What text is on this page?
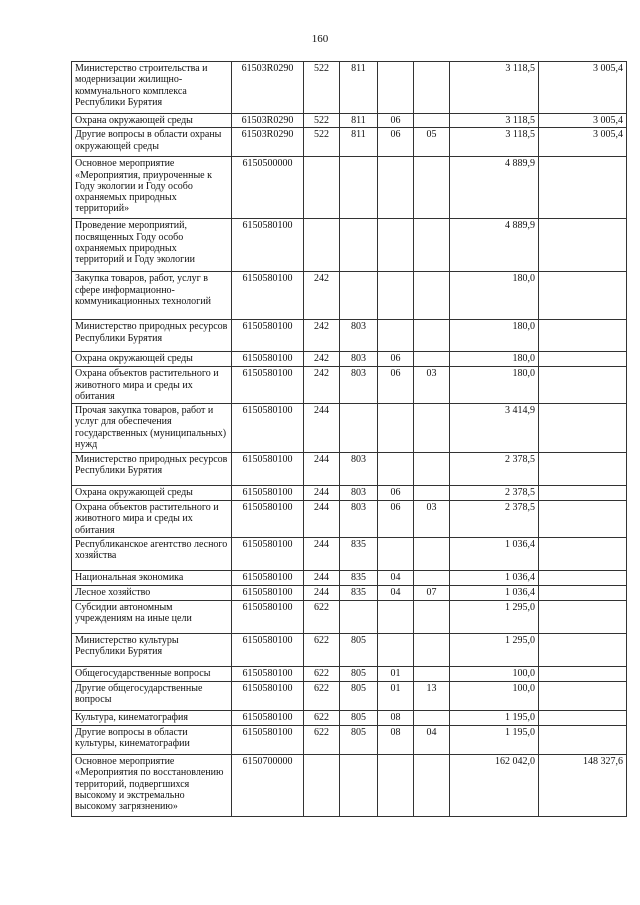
160
Министерство строительства и модернизации жилищно-коммунального комплекса Республики Бурятия	61503R0290	522	811			3 118,5	3 005,4
Охрана окружающей среды	61503R0290	522	811	06		3 118,5	3 005,4
Другие вопросы в области охраны окружающей среды	61503R0290	522	811	06	05	3 118,5	3 005,4
Основное мероприятие «Мероприятия, приуроченные к Году экологии и Году особо охраняемых природных территорий»	6150500000					4 889,9	
Проведение мероприятий, посвященных Году особо охраняемых природных территорий и Году экологии	6150580100					4 889,9	
Закупка товаров, работ, услуг в сфере информационно-коммуникационных технологий	6150580100	242				180,0	
Министерство природных ресурсов Республики Бурятия	6150580100	242	803			180,0	
Охрана окружающей среды	6150580100	242	803	06		180,0	
Охрана объектов растительного и животного мира и среды их обитания	6150580100	242	803	06	03	180,0	
Прочая закупка товаров, работ и услуг для обеспечения государственных (муниципальных) нужд	6150580100	244				3 414,9	
Министерство природных ресурсов Республики Бурятия	6150580100	244	803			2 378,5	
Охрана окружающей среды	6150580100	244	803	06		2 378,5	
Охрана объектов растительного и животного мира и среды их обитания	6150580100	244	803	06	03	2 378,5	
Республиканское агентство лесного хозяйства	6150580100	244	835			1 036,4	
Национальная экономика	6150580100	244	835	04		1 036,4	
Лесное хозяйство	6150580100	244	835	04	07	1 036,4	
Субсидии автономным учреждениям на иные цели	6150580100	622				1 295,0	
Министерство культуры Республики Бурятия	6150580100	622	805			1 295,0	
Общегосударственные вопросы	6150580100	622	805	01		100,0	
Другие общегосударственные вопросы	6150580100	622	805	01	13	100,0	
Культура, кинематография	6150580100	622	805	08		1 195,0	
Другие вопросы в области культуры, кинематографии	6150580100	622	805	08	04	1 195,0	
Основное мероприятие «Мероприятия по восстановлению территорий, подвергшихся высокому и экстремально высокому загрязнению»	6150700000					162 042,0	148 327,6
